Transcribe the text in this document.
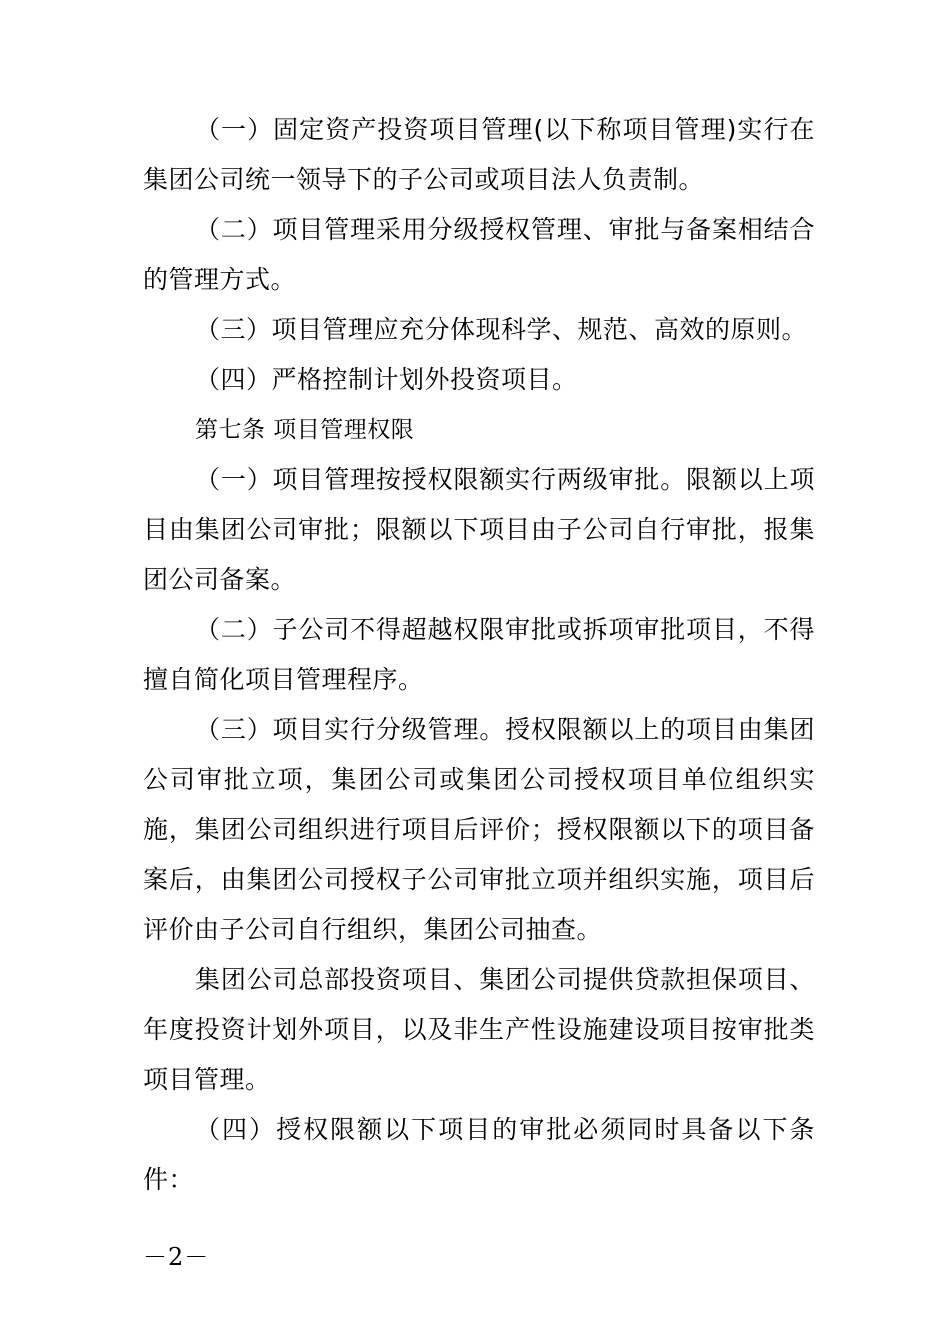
（一）固定资产投资项目管理(以下称项目管理)实行在集团公司统一领导下的子公司或项目法人负责制。

（二）项目管理采用分级授权管理、审批与备案相结合的管理方式。

（三）项目管理应充分体现科学、规范、高效的原则。

（四）严格控制计划外投资项目。

第七条 项目管理权限

（一）项目管理按授权限额实行两级审批。限额以上项目由集团公司审批；限额以下项目由子公司自行审批，报集团公司备案。

（二）子公司不得超越权限审批或拆项审批项目，不得擅自简化项目管理程序。

（三）项目实行分级管理。授权限额以上的项目由集团公司审批立项，集团公司或集团公司授权项目单位组织实施，集团公司组织进行项目后评价；授权限额以下的项目备案后，由集团公司授权子公司审批立项并组织实施，项目后评价由子公司自行组织，集团公司抽查。

集团公司总部投资项目、集团公司提供贷款担保项目、年度投资计划外项目，以及非生产性设施建设项目按审批类项目管理。

（四）授权限额以下项目的审批必须同时具备以下条件：

－2－
